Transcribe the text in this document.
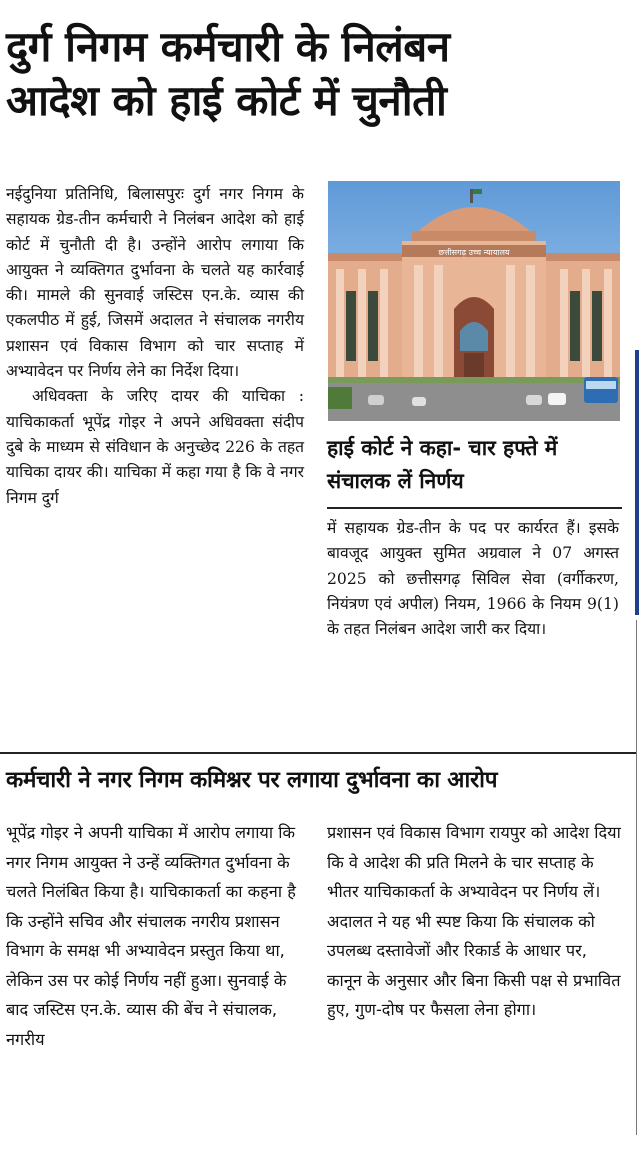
दुर्ग निगम कर्मचारी के निलंबन
आदेश को हाई कोर्ट में चुनौती

नईदुनिया प्रतिनिधि, बिलासपुरः दुर्ग नगर निगम के सहायक ग्रेड-तीन कर्मचारी ने निलंबन आदेश को हाई कोर्ट में चुनौती दी है। उन्होंने आरोप लगाया कि आयुक्त ने व्यक्तिगत दुर्भावना के चलते यह कार्रवाई की। मामले की सुनवाई जस्टिस एन.के. व्यास की एकलपीठ में हुई, जिसमें अदालत ने संचालक नगरीय प्रशासन एवं विकास विभाग को चार सप्ताह में अभ्यावेदन पर निर्णय लेने का निर्देश दिया।

अधिवक्ता के जरिए दायर की याचिका : याचिकाकर्ता भूपेंद्र गोइर ने अपने अधिवक्ता संदीप दुबे के माध्यम से संविधान के अनुच्छेद 226 के तहत याचिका दायर की। याचिका में कहा गया है कि वे नगर निगम दुर्ग

छत्तीसगढ़ उच्च न्यायालय
हाई कोर्ट ने कहा- चार हफ्ते में संचालक लें निर्णय

में सहायक ग्रेड-तीन के पद पर कार्यरत हैं। इसके बावजूद आयुक्त सुमित अग्रवाल ने 07 अगस्त 2025 को छत्तीसगढ़ सिविल सेवा (वर्गीकरण, नियंत्रण एवं अपील) नियम, 1966 के नियम 9(1) के तहत निलंबन आदेश जारी कर दिया।

कर्मचारी ने नगर निगम कमिश्नर पर लगाया दुर्भावना का आरोप
भूपेंद्र गोइर ने अपनी याचिका में आरोप लगाया कि नगर निगम आयुक्त ने उन्हें व्यक्तिगत दुर्भावना के चलते निलंबित किया है। याचिकाकर्ता का कहना है कि उन्होंने सचिव और संचालक नगरीय प्रशासन विभाग के समक्ष भी अभ्यावेदन प्रस्तुत किया था, लेकिन उस पर कोई निर्णय नहीं हुआ। सुनवाई के बाद जस्टिस एन.के. व्यास की बेंच ने संचालक, नगरीय
प्रशासन एवं विकास विभाग रायपुर को आदेश दिया कि वे आदेश की प्रति मिलने के चार सप्ताह के भीतर याचिकाकर्ता के अभ्यावेदन पर निर्णय लें। अदालत ने यह भी स्पष्ट किया कि संचालक को उपलब्ध दस्तावेजों और रिकार्ड के आधार पर, कानून के अनुसार और बिना किसी पक्ष से प्रभावित हुए, गुण-दोष पर फैसला लेना होगा।
